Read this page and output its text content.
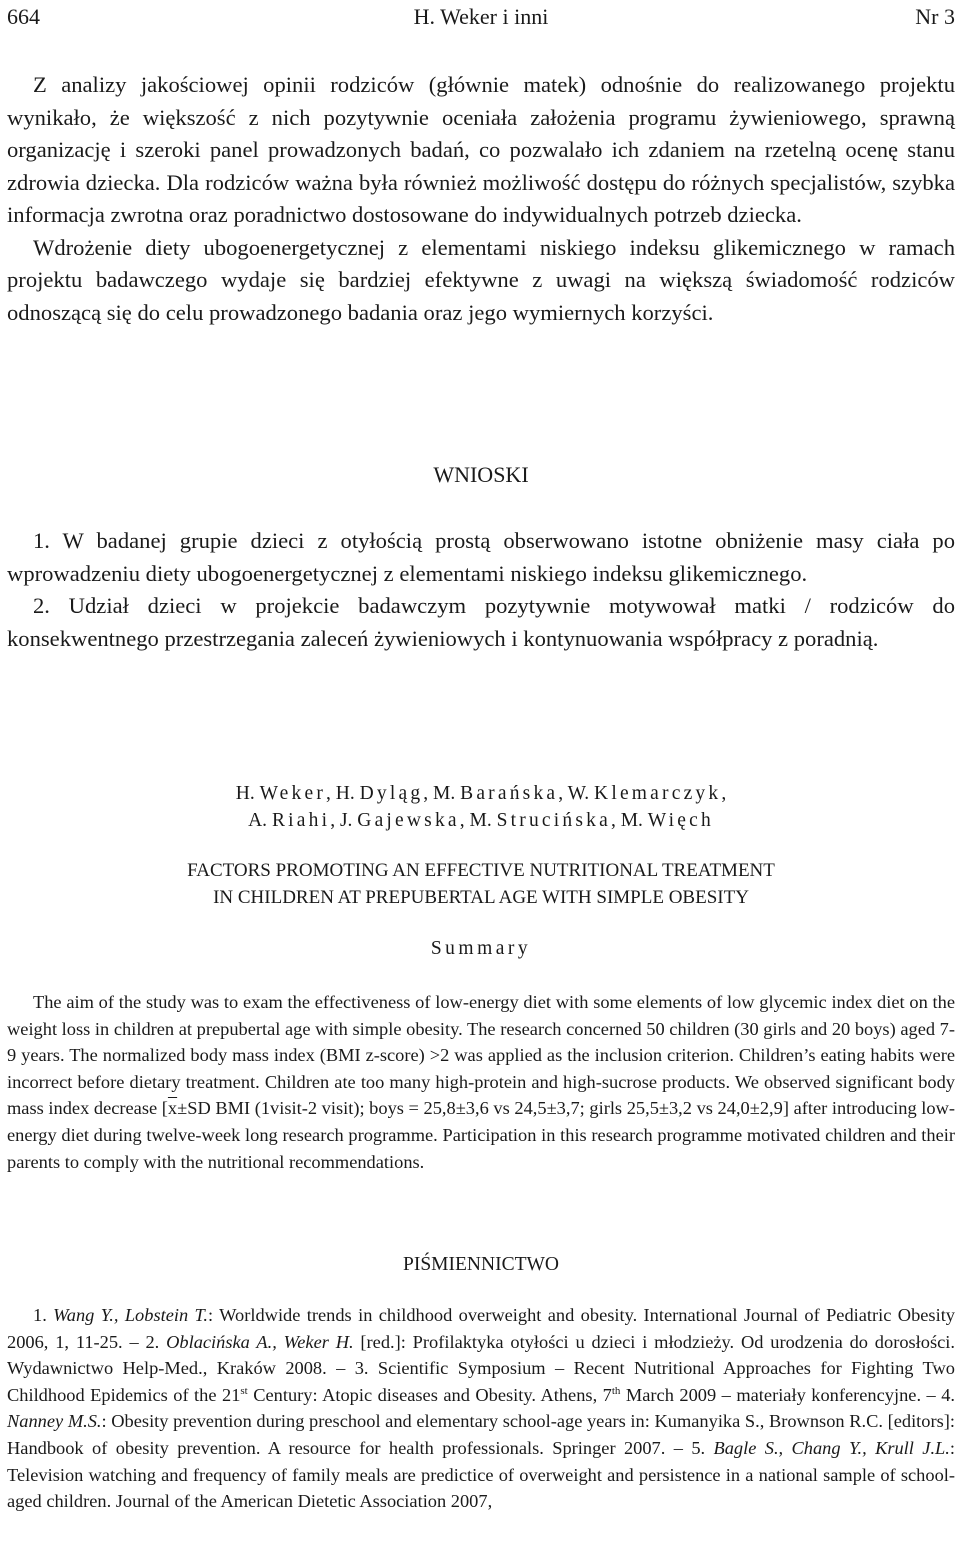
664	H. Weker i inni	Nr 3

Z analizy jakościowej opinii rodziców (głównie matek) odnośnie do realizowanego projektu wynikało, że większość z nich pozytywnie oceniała założenia programu żywieniowego, sprawną organizację i szeroki panel prowadzonych badań, co pozwalało ich zdaniem na rzetelną ocenę stanu zdrowia dziecka. Dla rodziców ważna była również możliwość dostępu do różnych specjalistów, szybka informacja zwrotna oraz poradnictwo dostosowane do indywidualnych potrzeb dziecka.

Wdrożenie diety ubogoenergetycznej z elementami niskiego indeksu glikemicznego w ramach projektu badawczego wydaje się bardziej efektywne z uwagi na większą świadomość rodziców odnoszącą się do celu prowadzonego badania oraz jego wymiernych korzyści.

WNIOSKI

1. W badanej grupie dzieci z otyłością prostą obserwowano istotne obniżenie masy ciała po wprowadzeniu diety ubogoenergetycznej z elementami niskiego indeksu glikemicznego.

2. Udział dzieci w projekcie badawczym pozytywnie motywował matki / rodziców do konsekwentnego przestrzegania zaleceń żywieniowych i kontynuowania współpracy z poradnią.

H. Weker, H. Dyląg, M. Barańska, W. Klemarczyk,
A. Riahi, J. Gajewska, M. Strucińska, M. Więch
FACTORS PROMOTING AN EFFECTIVE NUTRITIONAL TREATMENT
IN CHILDREN AT PREPUBERTAL AGE WITH SIMPLE OBESITY
Summary

The aim of the study was to exam the effectiveness of low-energy diet with some elements of low glycemic index diet on the weight loss in children at prepubertal age with simple obesity. The research concerned 50 children (30 girls and 20 boys) aged 7-9 years. The normalized body mass index (BMI z-score) >2 was applied as the inclusion criterion. Children’s eating habits were incorrect before dietary treatment. Children ate too many high-protein and high-sucrose products. We observed significant body mass index decrease [$\overline{x}\pm SD$ BMI (1visit-2 visit); boys = 25,8±3,6 vs 24,5±3,7; girls 25,5±3,2 vs 24,0±2,9] after introducing low-energy diet during twelve-week long research programme. Participation in this research programme motivated children and their parents to comply with the nutritional recommendations.

PIŚMIENNICTWO

1. Wang Y., Lobstein T.: Worldwide trends in childhood overweight and obesity. International Journal of Pediatric Obesity 2006, 1, 11-25. – 2. Oblacińska A., Weker H. [red.]: Profilaktyka otyłości u dzieci i młodzieży. Od urodzenia do dorosłości. Wydawnictwo Help-Med., Kraków 2008. – 3. Scientific Symposium – Recent Nutritional Approaches for Fighting Two Childhood Epidemics of the 21st Century: Atopic diseases and Obesity. Athens, 7th March 2009 – materiały konferencyjne. – 4. Nanney M.S.: Obesity prevention during preschool and elementary school-age years in: Kumanyika S., Brownson R.C. [editors]: Handbook of obesity prevention. A resource for health professionals. Springer 2007. – 5. Bagle S., Chang Y., Krull J.L.: Television watching and frequency of family meals are predictice of overweight and persistence in a national sample of school-aged children. Journal of the American Dietetic Association 2007,
